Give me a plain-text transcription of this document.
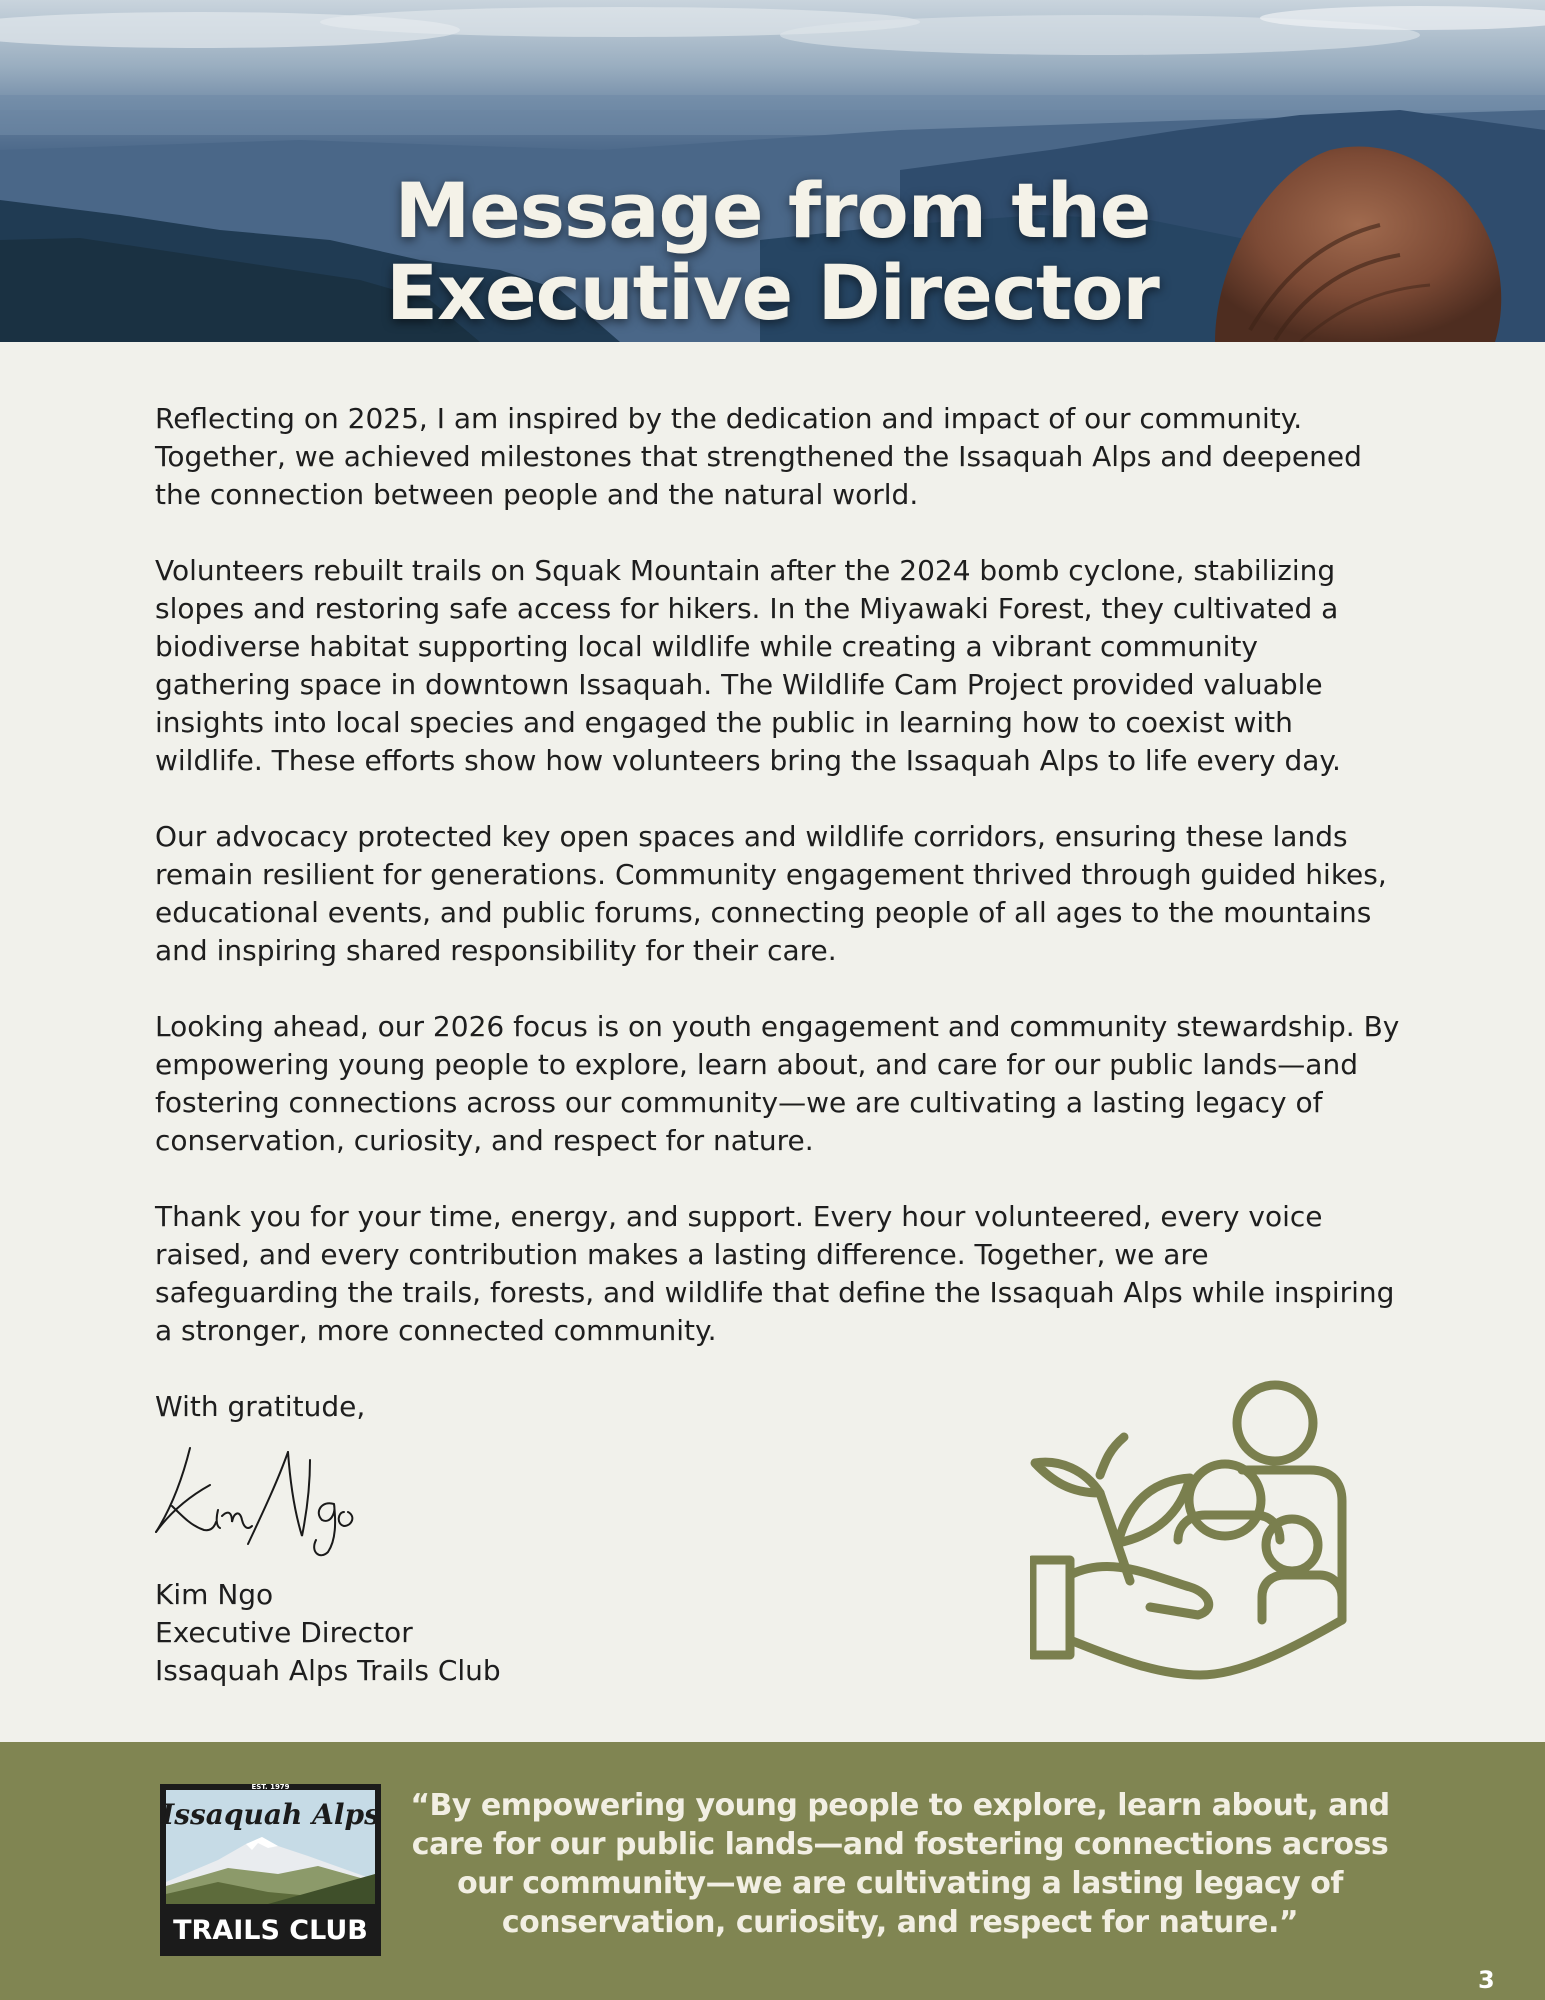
Message from the
Executive Director

Reflecting on 2025, I am inspired by the dedication and impact of our community. Together, we achieved milestones that strengthened the Issaquah Alps and deepened the connection between people and the natural world.

Volunteers rebuilt trails on Squak Mountain after the 2024 bomb cyclone, stabilizing slopes and restoring safe access for hikers. In the Miyawaki Forest, they cultivated a biodiverse habitat supporting local wildlife while creating a vibrant community gathering space in downtown Issaquah. The Wildlife Cam Project provided valuable insights into local species and engaged the public in learning how to coexist with wildlife. These efforts show how volunteers bring the Issaquah Alps to life every day.

Our advocacy protected key open spaces and wildlife corridors, ensuring these lands remain resilient for generations. Community engagement thrived through guided hikes, educational events, and public forums, connecting people of all ages to the mountains and inspiring shared responsibility for their care.

Looking ahead, our 2026 focus is on youth engagement and community stewardship. By empowering young people to explore, learn about, and care for our public lands—and fostering connections across our community—we are cultivating a lasting legacy of conservation, curiosity, and respect for nature.

Thank you for your time, energy, and support. Every hour volunteered, every voice raised, and every contribution makes a lasting difference. Together, we are safeguarding the trails, forests, and wildlife that define the Issaquah Alps while inspiring a stronger, more connected community.

With gratitude,

Kim Ngo
Executive Director
Issaquah Alps Trails Club
EST. 1979
Issaquah Alps
TRAILS CLUB

“By empowering young people to explore, learn about, and care for our public lands—and fostering connections across our community—we are cultivating a lasting legacy of conservation, curiosity, and respect for nature.”

3
